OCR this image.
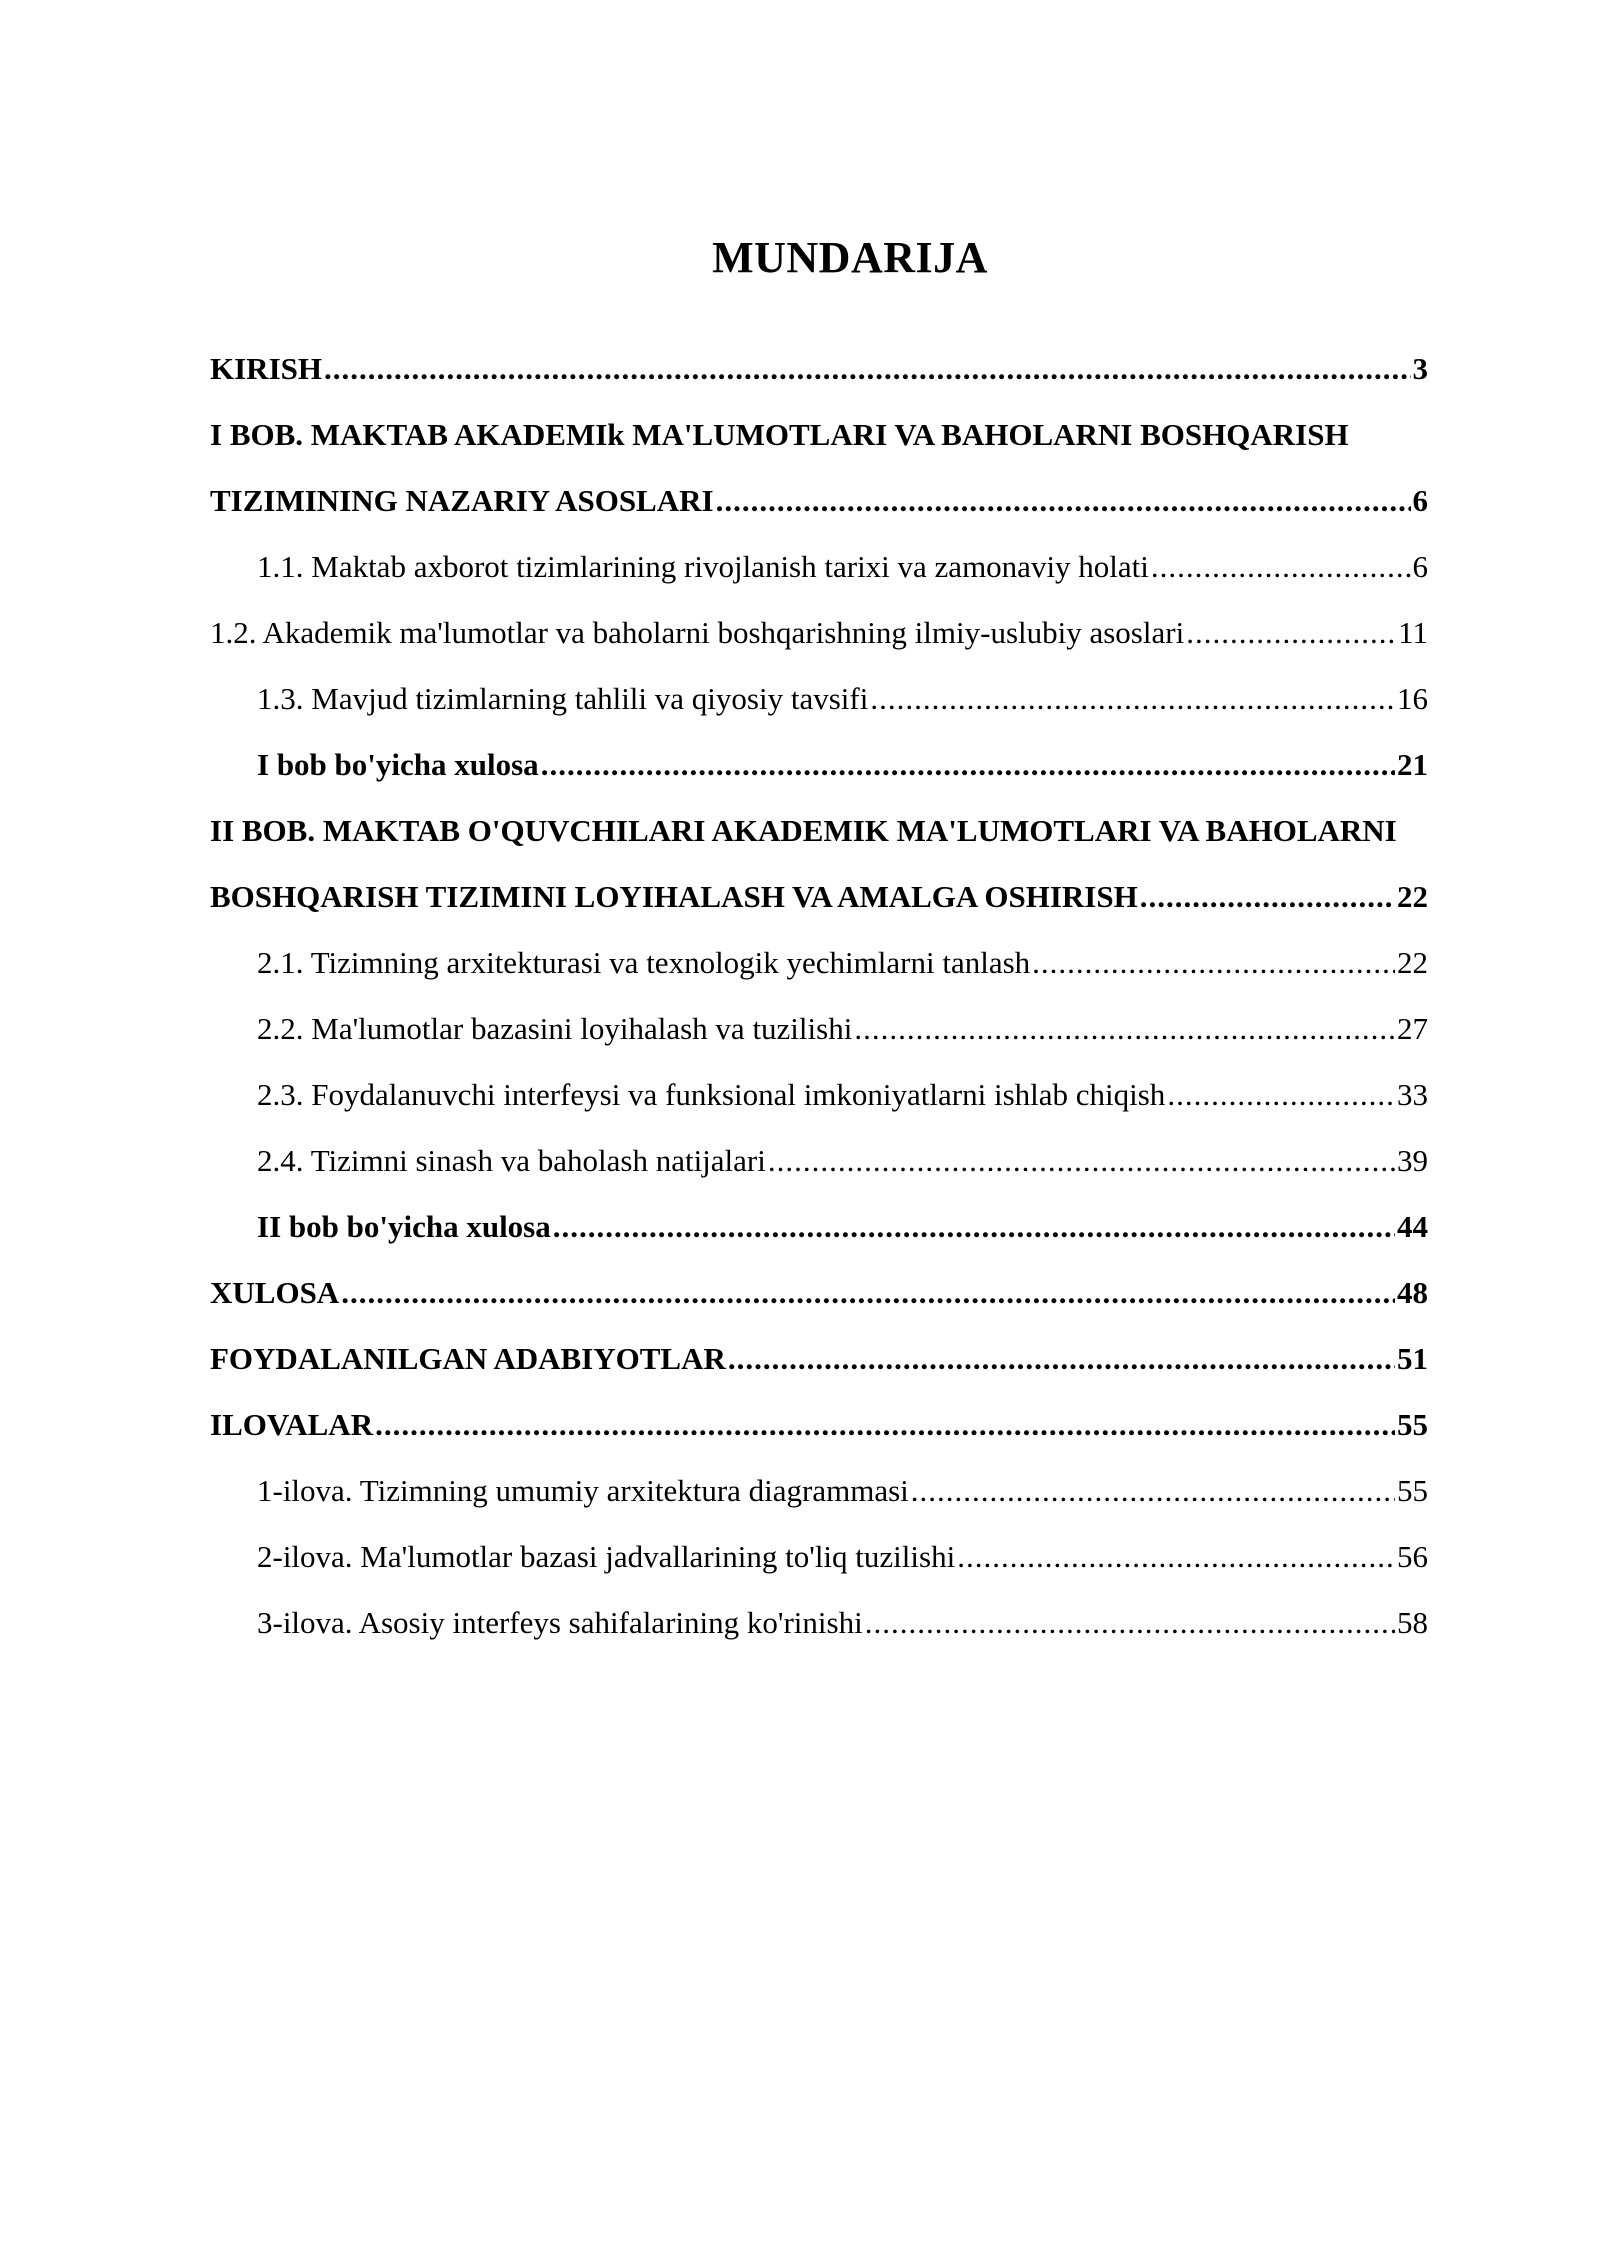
MUNDARIJA
KIRISH .....	3
I BOB. MAKTAB AKADEMIk MA'LUMOTLARI VA BAHOLARNI BOSHQARISH
TIZIMINING NAZARIY ASOSLARI .....	6
1.1. Maktab axborot tizimlarining rivojlanish tarixi va zamonaviy holati .....	6
1.2. Akademik ma'lumotlar va baholarni boshqarishning ilmiy-uslubiy asoslari .....	11
1.3. Mavjud tizimlarning tahlili va qiyosiy tavsifi .....	16
I bob bo'yicha xulosa .....	21
II BOB. MAKTAB O'QUVCHILARI AKADEMIK MA'LUMOTLARI VA BAHOLARNI
BOSHQARISH TIZIMINI LOYIHALASH VA AMALGA OSHIRISH .....	22
2.1. Tizimning arxitekturasi va texnologik yechimlarni tanlash .....	22
2.2. Ma'lumotlar bazasini loyihalash va tuzilishi .....	27
2.3. Foydalanuvchi interfeysi va funksional imkoniyatlarni ishlab chiqish .....	33
2.4. Tizimni sinash va baholash natijalari .....	39
II bob bo'yicha xulosa .....	44
XULOSA .....	48
FOYDALANILGAN ADABIYOTLAR .....	51
ILOVALAR .....	55
1-ilova. Tizimning umumiy arxitektura diagrammasi .....	55
2-ilova. Ma'lumotlar bazasi jadvallarining to'liq tuzilishi .....	56
3-ilova. Asosiy interfeys sahifalarining ko'rinishi .....	58
